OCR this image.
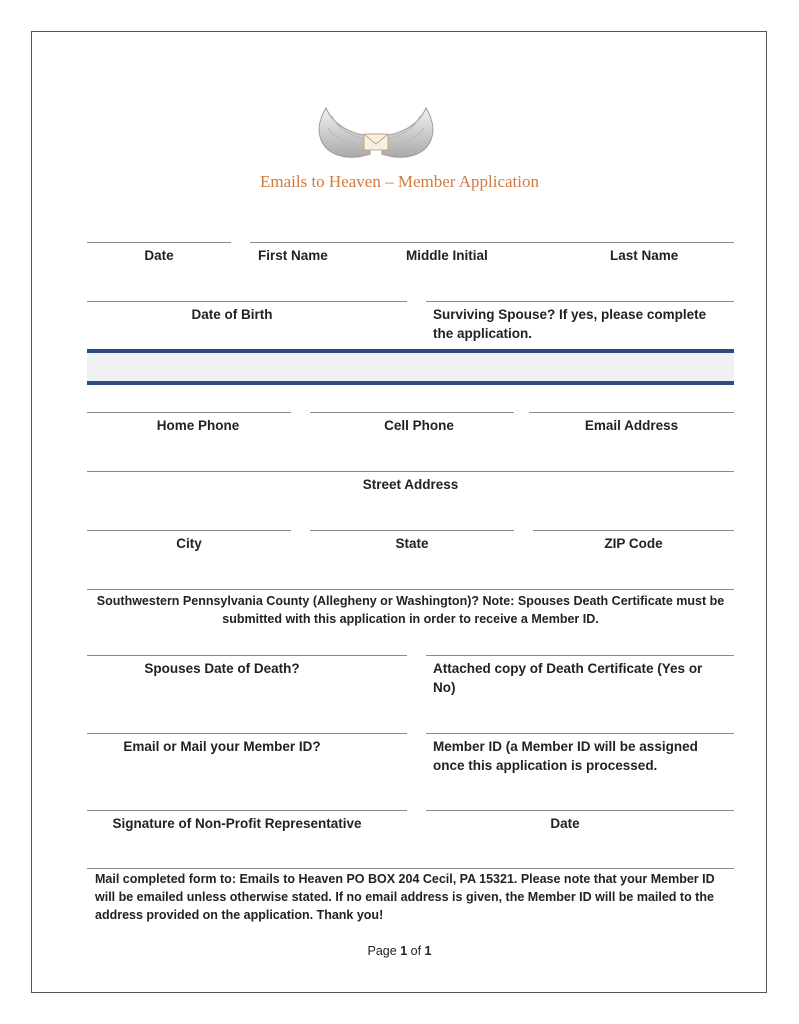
Emails to Heaven – Member Application
Date	First Name	Middle Initial	Last Name
Date of Birth	Surviving Spouse? If yes, please complete the application.
Home Phone	Cell Phone	Email Address
Street Address
City	State	ZIP Code
Southwestern Pennsylvania County (Allegheny or Washington)? Note: Spouses Death Certificate must be submitted with this application in order to receive a Member ID.
Spouses Date of Death?	Attached copy of Death Certificate (Yes or No)
Email or Mail your Member ID?	Member ID (a Member ID will be assigned once this application is processed.
Signature of Non-Profit Representative	Date
Mail completed form to: Emails to Heaven PO BOX 204 Cecil, PA 15321. Please note that your Member ID will be emailed unless otherwise stated. If no email address is given, the Member ID will be mailed to the address provided on the application. Thank you!
Page 1 of 1
